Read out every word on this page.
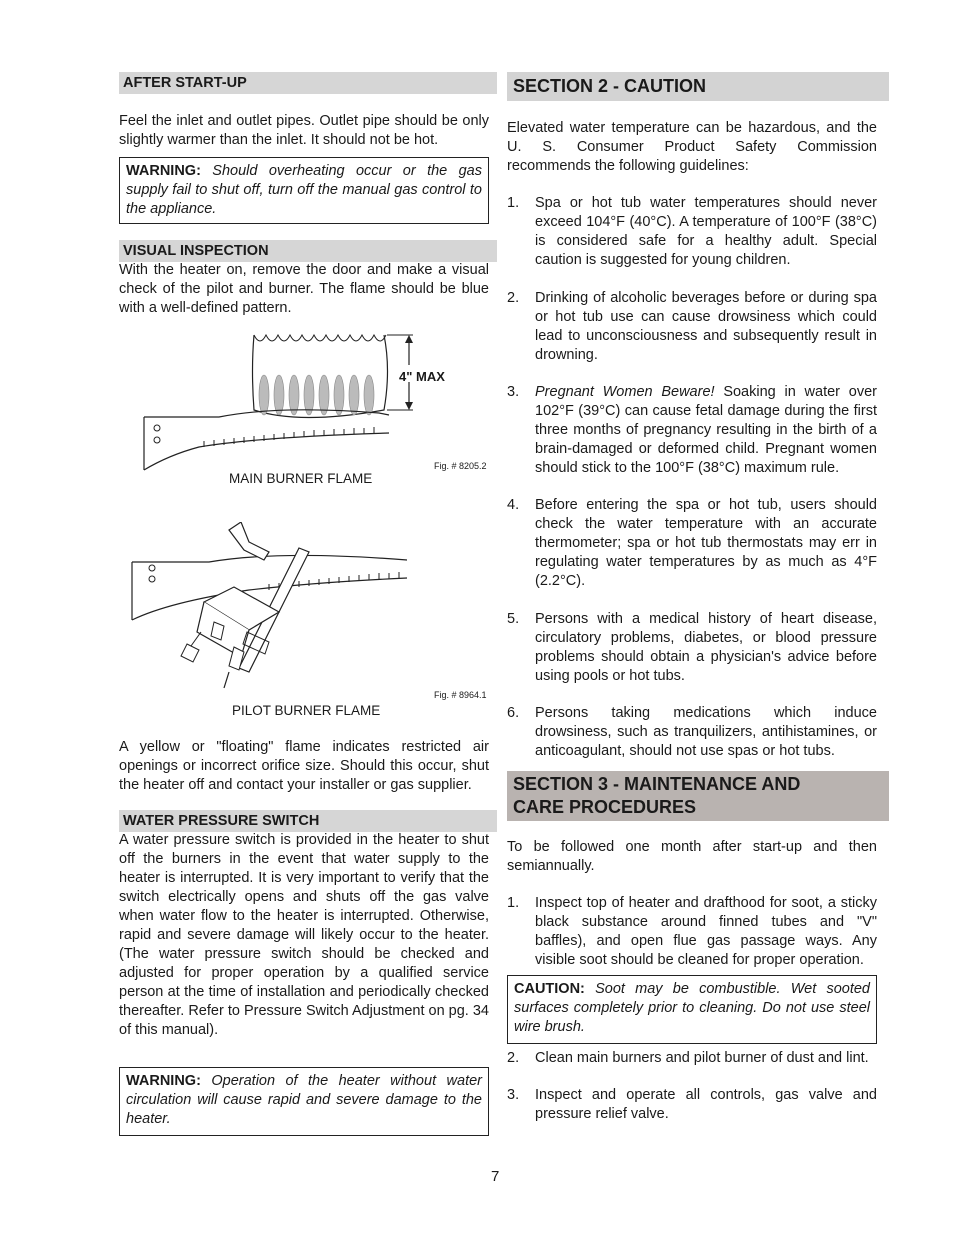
AFTER START-UP

Feel the inlet and outlet pipes. Outlet pipe should be only slightly warmer than the inlet. It should not be hot.

WARNING: Should overheating occur or the gas supply fail to shut off, turn off the manual gas control to the appliance.
VISUAL INSPECTION

With the heater on, remove the door and make a visual check of the pilot and burner. The flame should be blue with a well-defined pattern.

4" MAX
Fig. # 8205.2
MAIN BURNER FLAME
Fig. # 8964.1
PILOT BURNER FLAME

A yellow or "floating" flame indicates restricted air openings or incorrect orifice size. Should this occur, shut the heater off and contact your installer or gas supplier.

WATER PRESSURE SWITCH

A water pressure switch is provided in the heater to shut off the burners in the event that water supply to the heater is interrupted. It is very important to verify that the switch electrically opens and shuts off the gas valve when water flow to the heater is interrupted. Otherwise, rapid and severe damage will likely occur to the heater. (The water pressure switch should be checked and adjusted for proper operation by a qualified service person at the time of installation and periodically checked thereafter. Refer to Pressure Switch Adjustment on pg. 34 of this manual).

WARNING: Operation of the heater without water circulation will cause rapid and severe damage to the heater.
SECTION 2 - CAUTION

Elevated water temperature can be hazardous, and the U. S. Consumer Product Safety Commission recommends the following guidelines:

1. Spa or hot tub water temperatures should never exceed 104°F (40°C). A temperature of 100°F (38°C) is considered safe for a healthy adult. Special caution is suggested for young children.
2. Drinking of alcoholic beverages before or during spa or hot tub use can cause drowsiness which could lead to unconsciousness and subsequently result in drowning.
3. Pregnant Women Beware! Soaking in water over 102°F (39°C) can cause fetal damage during the first three months of pregnancy resulting in the birth of a brain-damaged or deformed child. Pregnant women should stick to the 100°F (38°C) maximum rule.
4. Before entering the spa or hot tub, users should check the water temperature with an accurate thermometer; spa or hot tub thermostats may err in regulating water temperatures by as much as 4°F (2.2°C).
5. Persons with a medical history of heart disease, circulatory problems, diabetes, or blood pressure problems should obtain a physician's advice before using pools or hot tubs.
6. Persons taking medications which induce drowsiness, such as tranquilizers, antihistamines, or anticoagulant, should not use spas or hot tubs.
SECTION 3 - MAINTENANCE AND
CARE PROCEDURES

To be followed one month after start-up and then semiannually.

1. Inspect top of heater and drafthood for soot, a sticky black substance around finned tubes and "V" baffles), and open flue gas passage ways. Any visible soot should be cleaned for proper operation.
CAUTION: Soot may be combustible. Wet sooted surfaces completely prior to cleaning. Do not use steel wire brush.
2. Clean main burners and pilot burner of dust and lint.
3. Inspect and operate all controls, gas valve and pressure relief valve.
7
